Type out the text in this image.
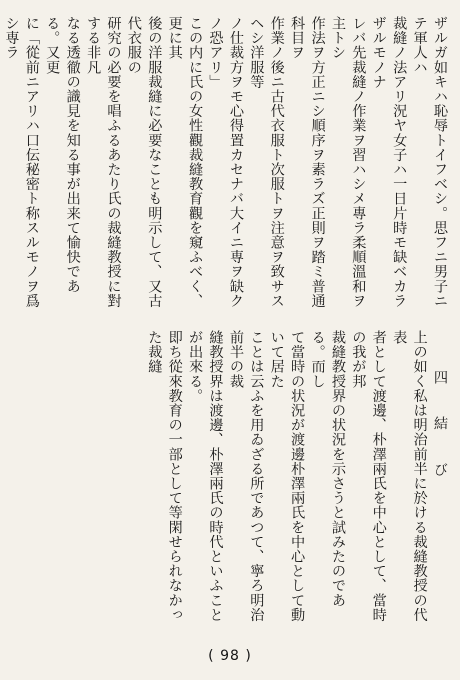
ザルガ如キハ恥辱トイフベシ。思フニ男子ニテ軍人ハ
裁縫ノ法アリ況ヤ女子ハ一日片時モ缺ベカラザルモノナ
レバ先裁縫ノ作業ヲ習ハシメ專ラ柔順溫和ヲ主トシ
作法ヲ方正ニシ順序ヲ素ラズ正則ヲ踏ミ普通科目ヲ
作業ノ後ニ古代衣服ト次服トヲ注意ヲ致サスヘシ洋服等
ノ仕裁方ヲモ心得置カセナバ大イニ専ヲ缺クノ恐アリ」
この内に氏の女性觀裁縫教育觀を窺ふべく、更に其
後の洋服裁縫に必要なことも明示して、又古代衣服の
研究の必要を唱ふるあたり氏の裁縫教授に對する非凡
なる透徹の識見を知る事が出来て愉快である。又更
に「從前ニアリハ口伝秘密ト称スルモノヲ爲シ専ラ
四 結 び
上の如く私は明治前半に於ける裁縫教授の代表
者として渡邊、朴澤兩氏を中心として、當時の我が邦
裁縫教授界の状況を示さうと試みたのである。而し
て當時の状況が渡邊朴澤兩氏を中心として動いて居た
ことは云ふを用ゐざる所であつて、寧ろ明治前半の裁
縫教授界は渡邊、朴澤兩氏の時代といふことが出來る。
即ち從來教育の一部として等閑せられなかった裁縫
( 98 )
